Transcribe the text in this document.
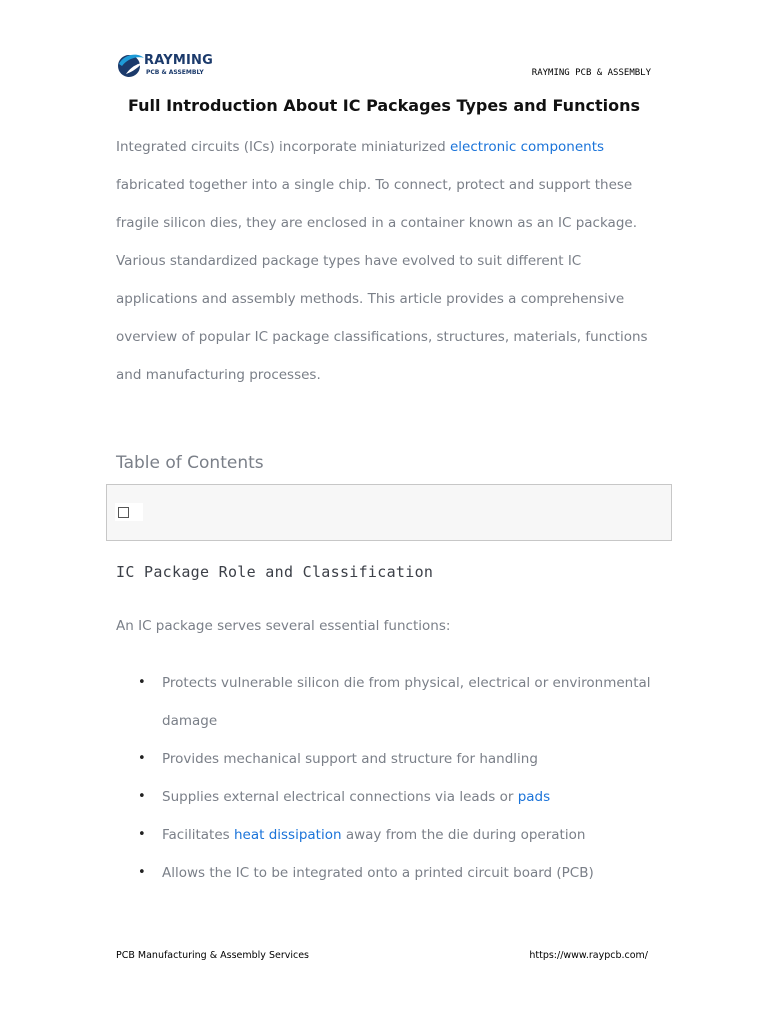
RAYMING
PCB & ASSEMBLY	RAYMING PCB & ASSEMBLY
Full Introduction About IC Packages Types and Functions

Integrated circuits (ICs) incorporate miniaturized electronic components fabricated together into a single chip. To connect, protect and support these fragile silicon dies, they are enclosed in a container known as an IC package. Various standardized package types have evolved to suit different IC applications and assembly methods. This article provides a comprehensive overview of popular IC package classifications, structures, materials, functions and manufacturing processes.

Table of Contents
IC Package Role and Classification
An IC package serves several essential functions:
• Protects vulnerable silicon die from physical, electrical or environmental damage
• Provides mechanical support and structure for handling
• Supplies external electrical connections via leads or pads
• Facilitates heat dissipation away from the die during operation
• Allows the IC to be integrated onto a printed circuit board (PCB)
PCB Manufacturing & Assembly Services	https://www.raypcb.com/
